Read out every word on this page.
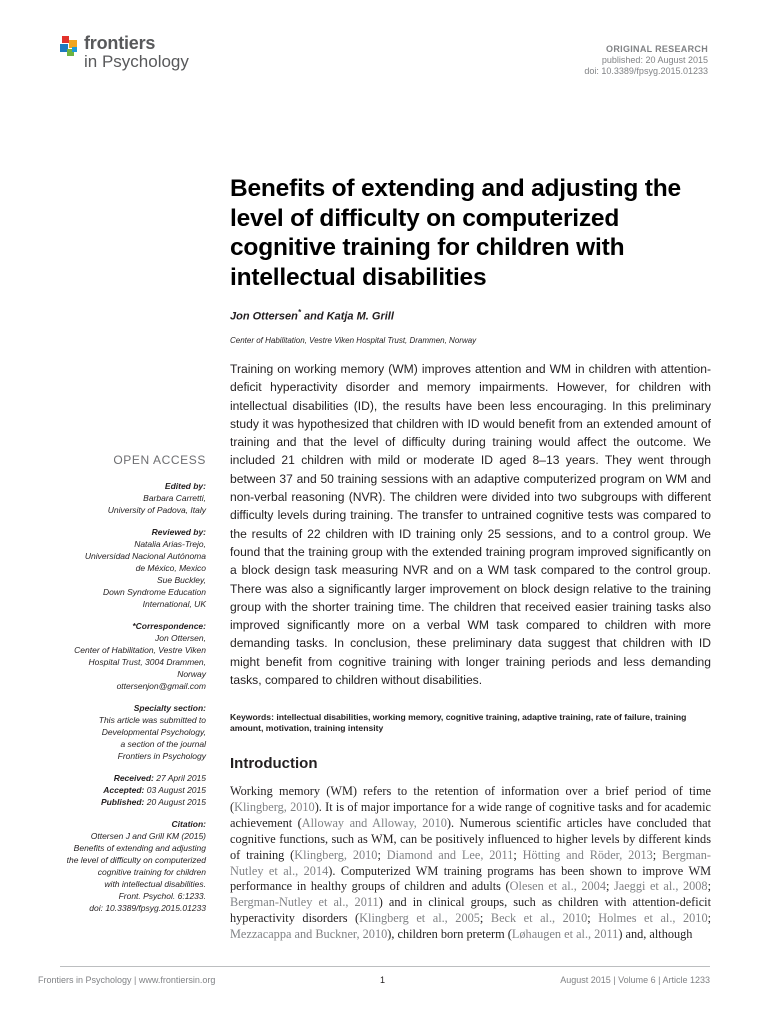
frontiers
in Psychology
ORIGINAL RESEARCH
published: 20 August 2015
doi: 10.3389/fpsyg.2015.01233
Benefits of extending and adjusting the level of difficulty on computerized cognitive training for children with intellectual disabilities
Jon Ottersen* and Katja M. Grill
Center of Habilitation, Vestre Viken Hospital Trust, Drammen, Norway
Training on working memory (WM) improves attention and WM in children with attention-deficit hyperactivity disorder and memory impairments. However, for children with intellectual disabilities (ID), the results have been less encouraging. In this preliminary study it was hypothesized that children with ID would benefit from an extended amount of training and that the level of difficulty during training would affect the outcome. We included 21 children with mild or moderate ID aged 8–13 years. They went through between 37 and 50 training sessions with an adaptive computerized program on WM and non-verbal reasoning (NVR). The children were divided into two subgroups with different difficulty levels during training. The transfer to untrained cognitive tests was compared to the results of 22 children with ID training only 25 sessions, and to a control group. We found that the training group with the extended training program improved significantly on a block design task measuring NVR and on a WM task compared to the control group. There was also a significantly larger improvement on block design relative to the training group with the shorter training time. The children that received easier training tasks also improved significantly more on a verbal WM task compared to children with more demanding tasks. In conclusion, these preliminary data suggest that children with ID might benefit from cognitive training with longer training periods and less demanding tasks, compared to children without disabilities.
Keywords: intellectual disabilities, working memory, cognitive training, adaptive training, rate of failure, training amount, motivation, training intensity
Introduction
Working memory (WM) refers to the retention of information over a brief period of time (Klingberg, 2010). It is of major importance for a wide range of cognitive tasks and for academic achievement (Alloway and Alloway, 2010). Numerous scientific articles have concluded that cognitive functions, such as WM, can be positively influenced to higher levels by different kinds of training (Klingberg, 2010; Diamond and Lee, 2011; Hötting and Röder, 2013; Bergman-Nutley et al., 2014). Computerized WM training programs has been shown to improve WM performance in healthy groups of children and adults (Olesen et al., 2004; Jaeggi et al., 2008; Bergman-Nutley et al., 2011) and in clinical groups, such as children with attention-deficit hyperactivity disorders (Klingberg et al., 2005; Beck et al., 2010; Holmes et al., 2010; Mezzacappa and Buckner, 2010), children born preterm (Løhaugen et al., 2011) and, although
OPEN ACCESS
Edited by:
Barbara Carretti,
University of Padova, Italy
Reviewed by:
Natalia Arias-Trejo,
Universidad Nacional Autónoma
de México, Mexico
Sue Buckley,
Down Syndrome Education
International, UK
*Correspondence:
Jon Ottersen,
Center of Habilitation, Vestre Viken
Hospital Trust, 3004 Drammen,
Norway
ottersenjon@gmail.com
Specialty section:
This article was submitted to
Developmental Psychology,
a section of the journal
Frontiers in Psychology
Received: 27 April 2015
Accepted: 03 August 2015
Published: 20 August 2015
Citation:
Ottersen J and Grill KM (2015)
Benefits of extending and adjusting
the level of difficulty on computerized
cognitive training for children
with intellectual disabilities.
Front. Psychol. 6:1233.
doi: 10.3389/fpsyg.2015.01233
Frontiers in Psychology | www.frontiersin.org	1	August 2015 | Volume 6 | Article 1233
